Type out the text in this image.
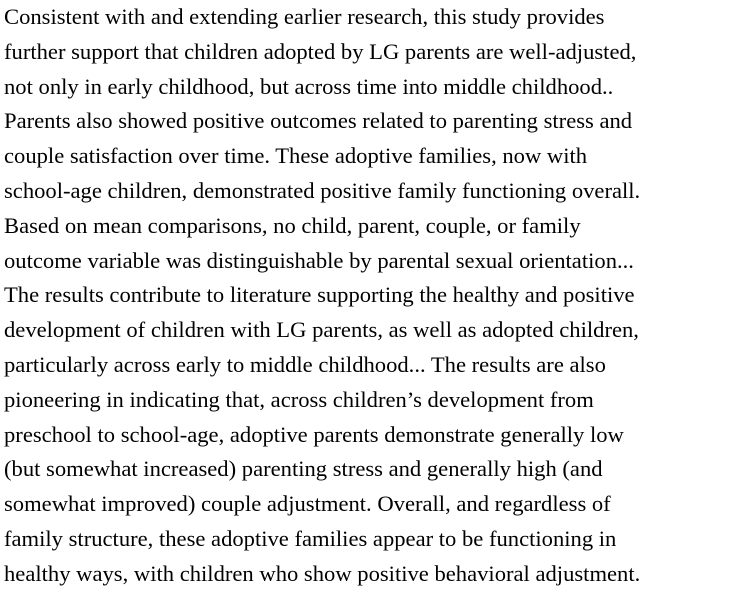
Consistent with and extending earlier research, this study provides
further support that children adopted by LG parents are well-adjusted,
not only in early childhood, but across time into middle childhood..
Parents also showed positive outcomes related to parenting stress and
couple satisfaction over time. These adoptive families, now with
school-age children, demonstrated positive family functioning overall.
Based on mean comparisons, no child, parent, couple, or family
outcome variable was distinguishable by parental sexual orientation...
The results contribute to literature supporting the healthy and positive
development of children with LG parents, as well as adopted children,
particularly across early to middle childhood... The results are also
pioneering in indicating that, across children’s development from
preschool to school-age, adoptive parents demonstrate generally low
(but somewhat increased) parenting stress and generally high (and
somewhat improved) couple adjustment. Overall, and regardless of
family structure, these adoptive families appear to be functioning in
healthy ways, with children who show positive behavioral adjustment.
